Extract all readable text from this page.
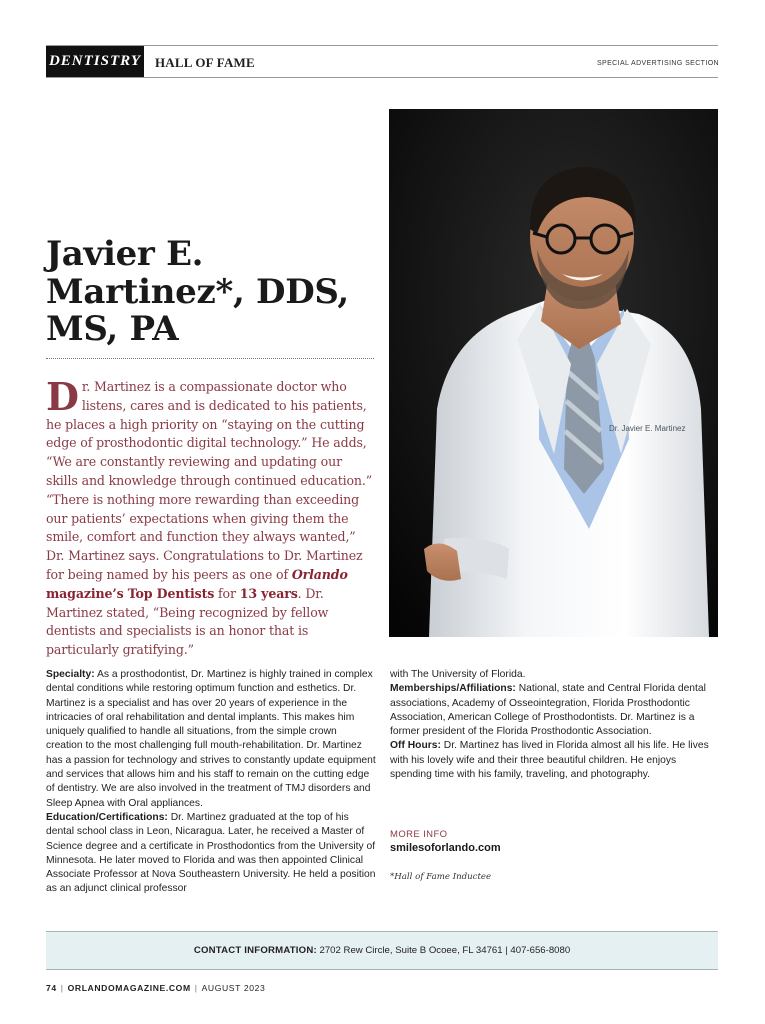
DENTISTRY HALL OF FAME	SPECIAL ADVERTISING SECTION
Javier E.
Martinez*, DDS,
MS, PA

Dr. Martinez is a compassionate doctor who listens, cares and is dedicated to his patients, he places a high priority on “staying on the cutting edge of prosthodontic digital technology.” He adds, “We are constantly reviewing and updating our skills and knowledge through continued education.” “There is nothing more rewarding than exceeding our patients’ expectations when giving them the smile, comfort and function they always wanted,” Dr. Martinez says. Congratulations to Dr. Martinez for being named by his peers as one of Orlando magazine’s Top Dentists for 13 years. Dr. Martinez stated, “Being recognized by fellow dentists and specialists is an honor that is particularly gratifying.”

Dr. Javier E. Martinez

Specialty: As a prosthodontist, Dr. Martinez is highly trained in complex dental conditions while restoring optimum function and esthetics. Dr. Martinez is a specialist and has over 20 years of experience in the intricacies of oral rehabilitation and dental implants. This makes him uniquely qualified to handle all situations, from the simple crown creation to the most challenging full mouth-rehabilitation. Dr. Martinez has a passion for technology and strives to constantly update equipment and services that allows him and his staff to remain on the cutting edge of dentistry. We are also involved in the treatment of TMJ disorders and Sleep Apnea with Oral appliances.

Education/Certifications: Dr. Martinez graduated at the top of his dental school class in Leon, Nicaragua. Later, he received a Master of Science degree and a certificate in Prosthodontics from the University of Minnesota. He later moved to Florida and was then appointed Clinical Associate Professor at Nova Southeastern University. He held a position as an adjunct clinical professor

with The University of Florida.

Memberships/Affiliations: National, state and Central Florida dental associations, Academy of Osseointegration, Florida Prosthodontic Association, American College of Prosthodontists. Dr. Martinez is a former president of the Florida Prosthodontic Association.

Off Hours: Dr. Martinez has lived in Florida almost all his life. He lives with his lovely wife and their three beautiful children. He enjoys spending time with his family, traveling, and photography.

MORE INFO
smilesoforlando.com
*Hall of Fame Inductee
CONTACT INFORMATION: 2702 Rew Circle, Suite B Ocoee, FL 34761 | 407-656-8080
74 | ORLANDOMAGAZINE.COM | AUGUST 2023
